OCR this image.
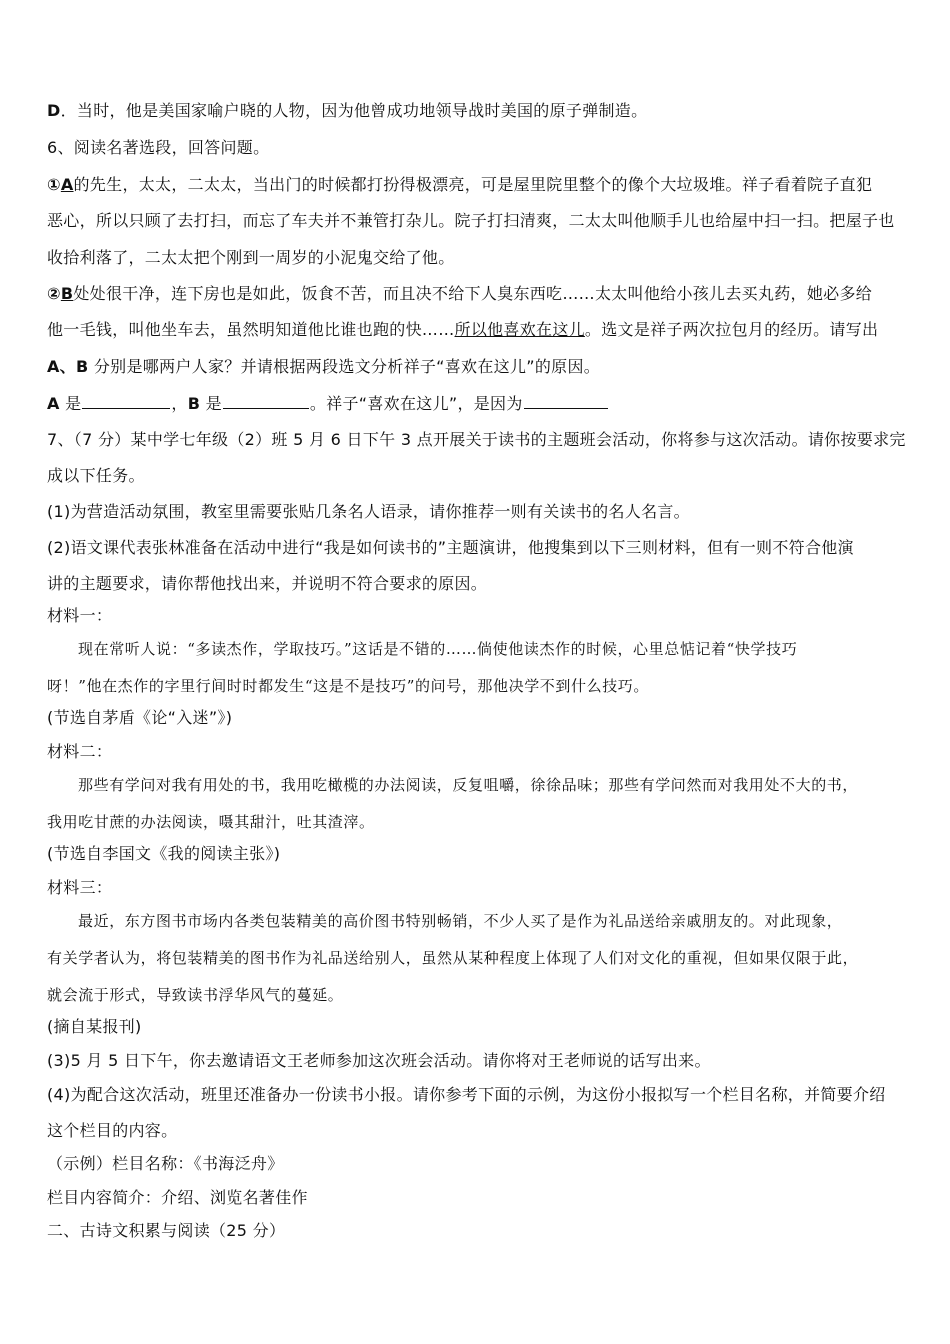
D．当时，他是美国家喻户晓的人物，因为他曾成功地领导战时美国的原子弹制造。
6、阅读名著选段，回答问题。
①A的先生，太太，二太太，当出门的时候都打扮得极漂亮，可是屋里院里整个的像个大垃圾堆。祥子看着院子直犯
恶心，所以只顾了去打扫，而忘了车夫并不兼管打杂儿。院子打扫清爽，二太太叫他顺手儿也给屋中扫一扫。把屋子也
收拾利落了，二太太把个刚到一周岁的小泥鬼交给了他。
②B处处很干净，连下房也是如此，饭食不苦，而且决不给下人臭东西吃……太太叫他给小孩儿去买丸药，她必多给
他一毛钱，叫他坐车去，虽然明知道他比谁也跑的快……所以他喜欢在这儿。选文是祥子两次拉包月的经历。请写出
A、B 分别是哪两户人家？并请根据两段选文分析祥子“喜欢在这儿”的原因。
A 是	，B 是	。祥子“喜欢在这儿”，是因为
7、（7 分）某中学七年级（2）班 5 月 6 日下午 3 点开展关于读书的主题班会活动，你将参与这次活动。请你按要求完
成以下任务。
(1)为营造活动氛围，教室里需要张贴几条名人语录，请你推荐一则有关读书的名人名言。
(2)语文课代表张林准备在活动中进行“我是如何读书的”主题演讲，他搜集到以下三则材料，但有一则不符合他演
讲的主题要求，请你帮他找出来，并说明不符合要求的原因。
材料一：
现在常听人说：“多读杰作，学取技巧。”这话是不错的……倘使他读杰作的时候，心里总惦记着“快学技巧
呀！”他在杰作的字里行间时时都发生“这是不是技巧”的问号，那他决学不到什么技巧。
(节选自茅盾《论“入迷”》)
材料二：
那些有学问对我有用处的书，我用吃橄榄的办法阅读，反复咀嚼，徐徐品味；那些有学问然而对我用处不大的书，
我用吃甘蔗的办法阅读，嗫其甜汁，吐其渣滓。
(节选自李国文《我的阅读主张》)
材料三：
最近，东方图书市场内各类包装精美的高价图书特别畅销，不少人买了是作为礼品送给亲戚朋友的。对此现象，
有关学者认为，将包装精美的图书作为礼品送给别人，虽然从某种程度上体现了人们对文化的重视，但如果仅限于此，
就会流于形式，导致读书浮华风气的蔓延。
(摘自某报刊)
(3)5 月 5 日下午，你去邀请语文王老师参加这次班会活动。请你将对王老师说的话写出来。
(4)为配合这次活动，班里还准备办一份读书小报。请你参考下面的示例，为这份小报拟写一个栏目名称，并简要介绍
这个栏目的内容。
（示例）栏目名称：《书海泛舟》
栏目内容简介：介绍、浏览名著佳作
二、古诗文积累与阅读（25 分）
